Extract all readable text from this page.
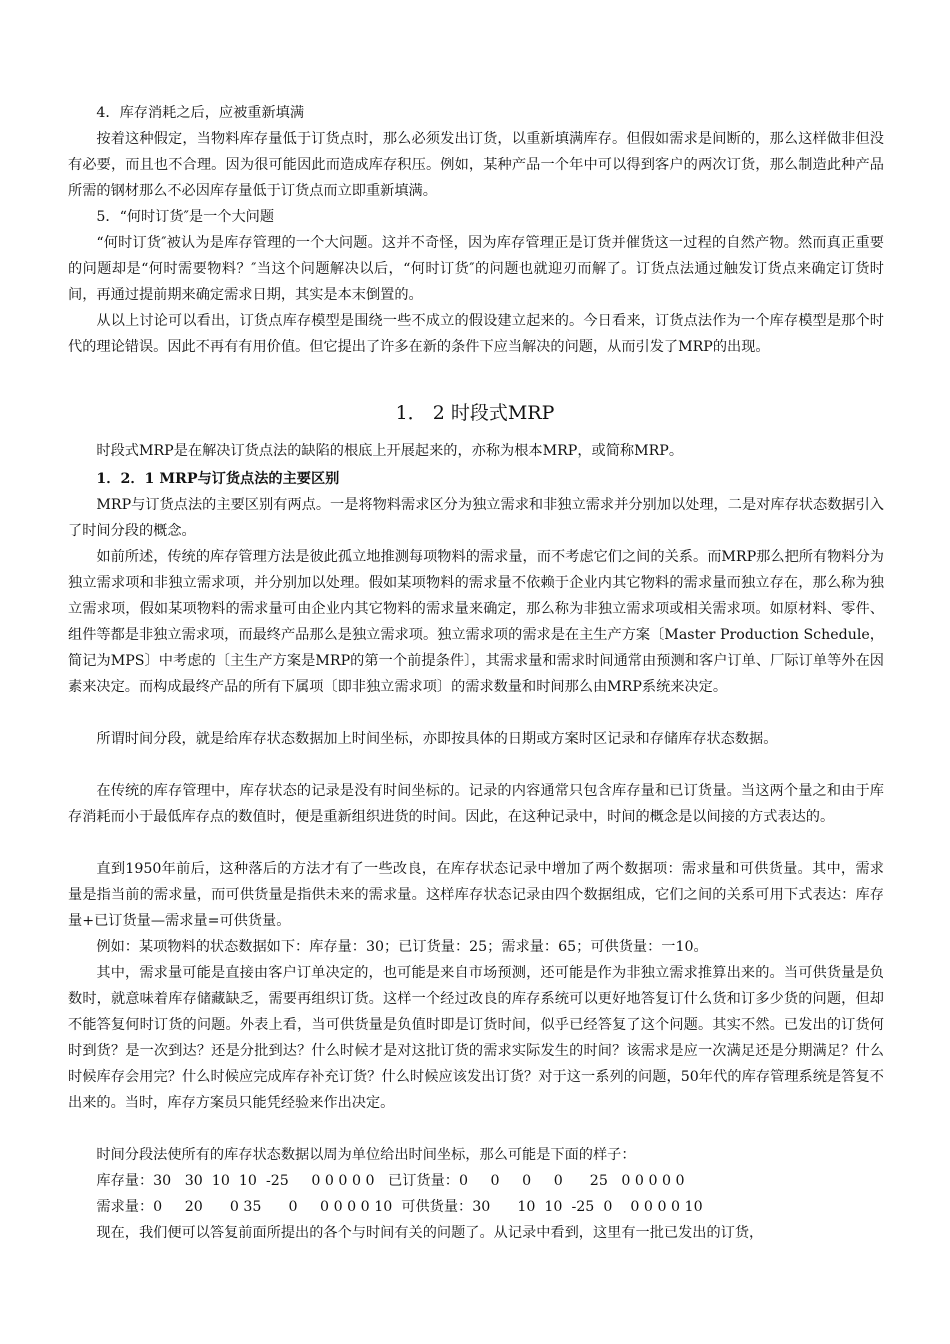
4．库存消耗之后，应被重新填满

按着这种假定，当物料库存量低于订货点时，那么必须发出订货，以重新填满库存。但假如需求是间断的，那么这样做非但没有必要，而且也不合理。因为很可能因此而造成库存积压。例如，某种产品一个年中可以得到客户的两次订货，那么制造此种产品所需的钢材那么不必因库存量低于订货点而立即重新填满。

5．“何时订货″是一个大问题

“何时订货″被认为是库存管理的一个大问题。这并不奇怪，因为库存管理正是订货并催货这一过程的自然产物。然而真正重要的问题却是“何时需要物料？″当这个问题解决以后，“何时订货″的问题也就迎刃而解了。订货点法通过触发订货点来确定订货时间，再通过提前期来确定需求日期，其实是本末倒置的。

从以上讨论可以看出，订货点库存模型是围绕一些不成立的假设建立起来的。今日看来，订货点法作为一个库存模型是那个时代的理论错误。因此不再有有用价值。但它提出了许多在新的条件下应当解决的问题，从而引发了MRP的出现。

1． 2 时段式MRP

时段式MRP是在解决订货点法的缺陷的根底上开展起来的，亦称为根本MRP，或简称MRP。

1．2．1 MRP与订货点法的主要区别

MRP与订货点法的主要区别有两点。一是将物料需求区分为独立需求和非独立需求并分别加以处理，二是对库存状态数据引入了时间分段的概念。

如前所述，传统的库存管理方法是彼此孤立地推测每项物料的需求量，而不考虑它们之间的关系。而MRP那么把所有物料分为独立需求项和非独立需求项，并分别加以处理。假如某项物料的需求量不依赖于企业内其它物料的需求量而独立存在，那么称为独立需求项，假如某项物料的需求量可由企业内其它物料的需求量来确定，那么称为非独立需求项或相关需求项。如原材料、零件、组件等都是非独立需求项，而最终产品那么是独立需求项。独立需求项的需求是在主生产方案〔Master Production Schedule，简记为MPS〕中考虑的〔主生产方案是MRP的第一个前提条件〕，其需求量和需求时间通常由预测和客户订单、厂际订单等外在因素来决定。而构成最终产品的所有下属项〔即非独立需求项〕的需求数量和时间那么由MRP系统来决定。

所谓时间分段，就是给库存状态数据加上时间坐标，亦即按具体的日期或方案时区记录和存储库存状态数据。

在传统的库存管理中，库存状态的记录是没有时间坐标的。记录的内容通常只包含库存量和已订货量。当这两个量之和由于库存消耗而小于最低库存点的数值时，便是重新组织进货的时间。因此，在这种记录中，时间的概念是以间接的方式表达的。

直到1950年前后，这种落后的方法才有了一些改良，在库存状态记录中增加了两个数据项：需求量和可供货量。其中，需求量是指当前的需求量，而可供货量是指供未来的需求量。这样库存状态记录由四个数据组成，它们之间的关系可用下式表达：库存量+已订货量—需求量=可供货量。

例如：某项物料的状态数据如下：库存量：30；已订货量：25；需求量：65；可供货量：一10。

其中，需求量可能是直接由客户订单决定的，也可能是来自市场预测，还可能是作为非独立需求推算出来的。当可供货量是负数时，就意味着库存储藏缺乏，需要再组织订货。这样一个经过改良的库存系统可以更好地答复订什么货和订多少货的问题，但却不能答复何时订货的问题。外表上看，当可供货量是负值时即是订货时间，似乎已经答复了这个问题。其实不然。已发出的订货何时到货？是一次到达？还是分批到达？什么时候才是对这批订货的需求实际发生的时间？该需求是应一次满足还是分期满足？什么时候库存会用完？什么时候应完成库存补充订货？什么时候应该发出订货？对于这一系列的问题，50年代的库存管理系统是答复不出来的。当时，库存方案员只能凭经验来作出决定。

时间分段法使所有的库存状态数据以周为单位给出时间坐标，那么可能是下面的样子：

库存量：30   30  10  10  -25     0 0 0 0 0   已订货量：0     0     0     0      25   0 0 0 0 0

需求量：0     20      0 35      0     0 0 0 0 10  可供货量：30      10  10  -25  0    0 0 0 0 10

现在，我们便可以答复前面所提出的各个与时间有关的问题了。从记录中看到，这里有一批已发出的订货，
